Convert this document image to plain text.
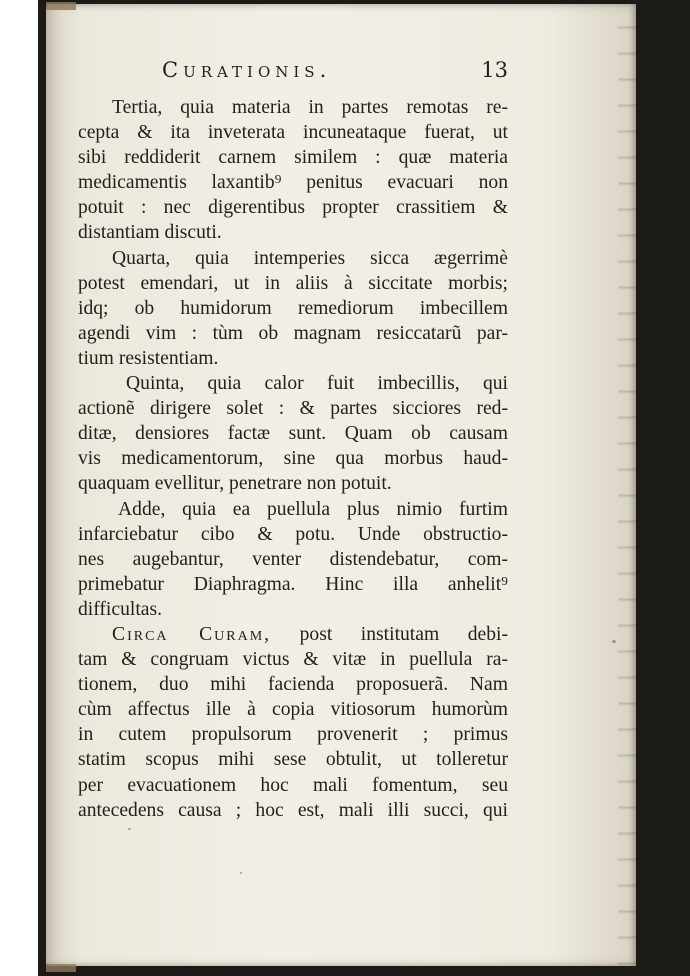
Curationis.	13

Tertia, quia materia in partes remotas re-
cepta & ita inveterata incuneataque fuerat, ut
sibi reddiderit carnem similem : quæ materia
medicamentis laxantib⁹ penitus evacuari non
potuit : nec digerentibus propter crassitiem &
distantiam discuti.

Quarta, quia intemperies sicca ægerrimè
potest emendari, ut in aliis à siccitate morbis;
idq; ob humidorum remediorum imbecillem
agendi vim : tùm ob magnam resiccatarũ par-
tium resistentiam.

Quinta, quia calor fuit imbecillis, qui
actionẽ dirigere solet : & partes sicciores red-
ditæ, densiores factæ sunt. Quam ob causam
vis medicamentorum, sine qua morbus haud-
quaquam evellitur, penetrare non potuit.

Adde, quia ea puellula plus nimio furtim
infarciebatur cibo & potu. Unde obstructio-
nes augebantur, venter distendebatur, com-
primebatur Diaphragma. Hinc illa anhelit⁹
difficultas.

Circa Curam, post institutam debi-
tam & congruam victus & vitæ in puellula ra-
tionem, duo mihi facienda proposuerã. Nam
cùm affectus ille à copia vitiosorum humorùm
in cutem propulsorum provenerit ; primus
statim scopus mihi sese obtulit, ut tolleretur
per evacuationem hoc mali fomentum, seu
antecedens causa ; hoc est, mali illi succi, qui
